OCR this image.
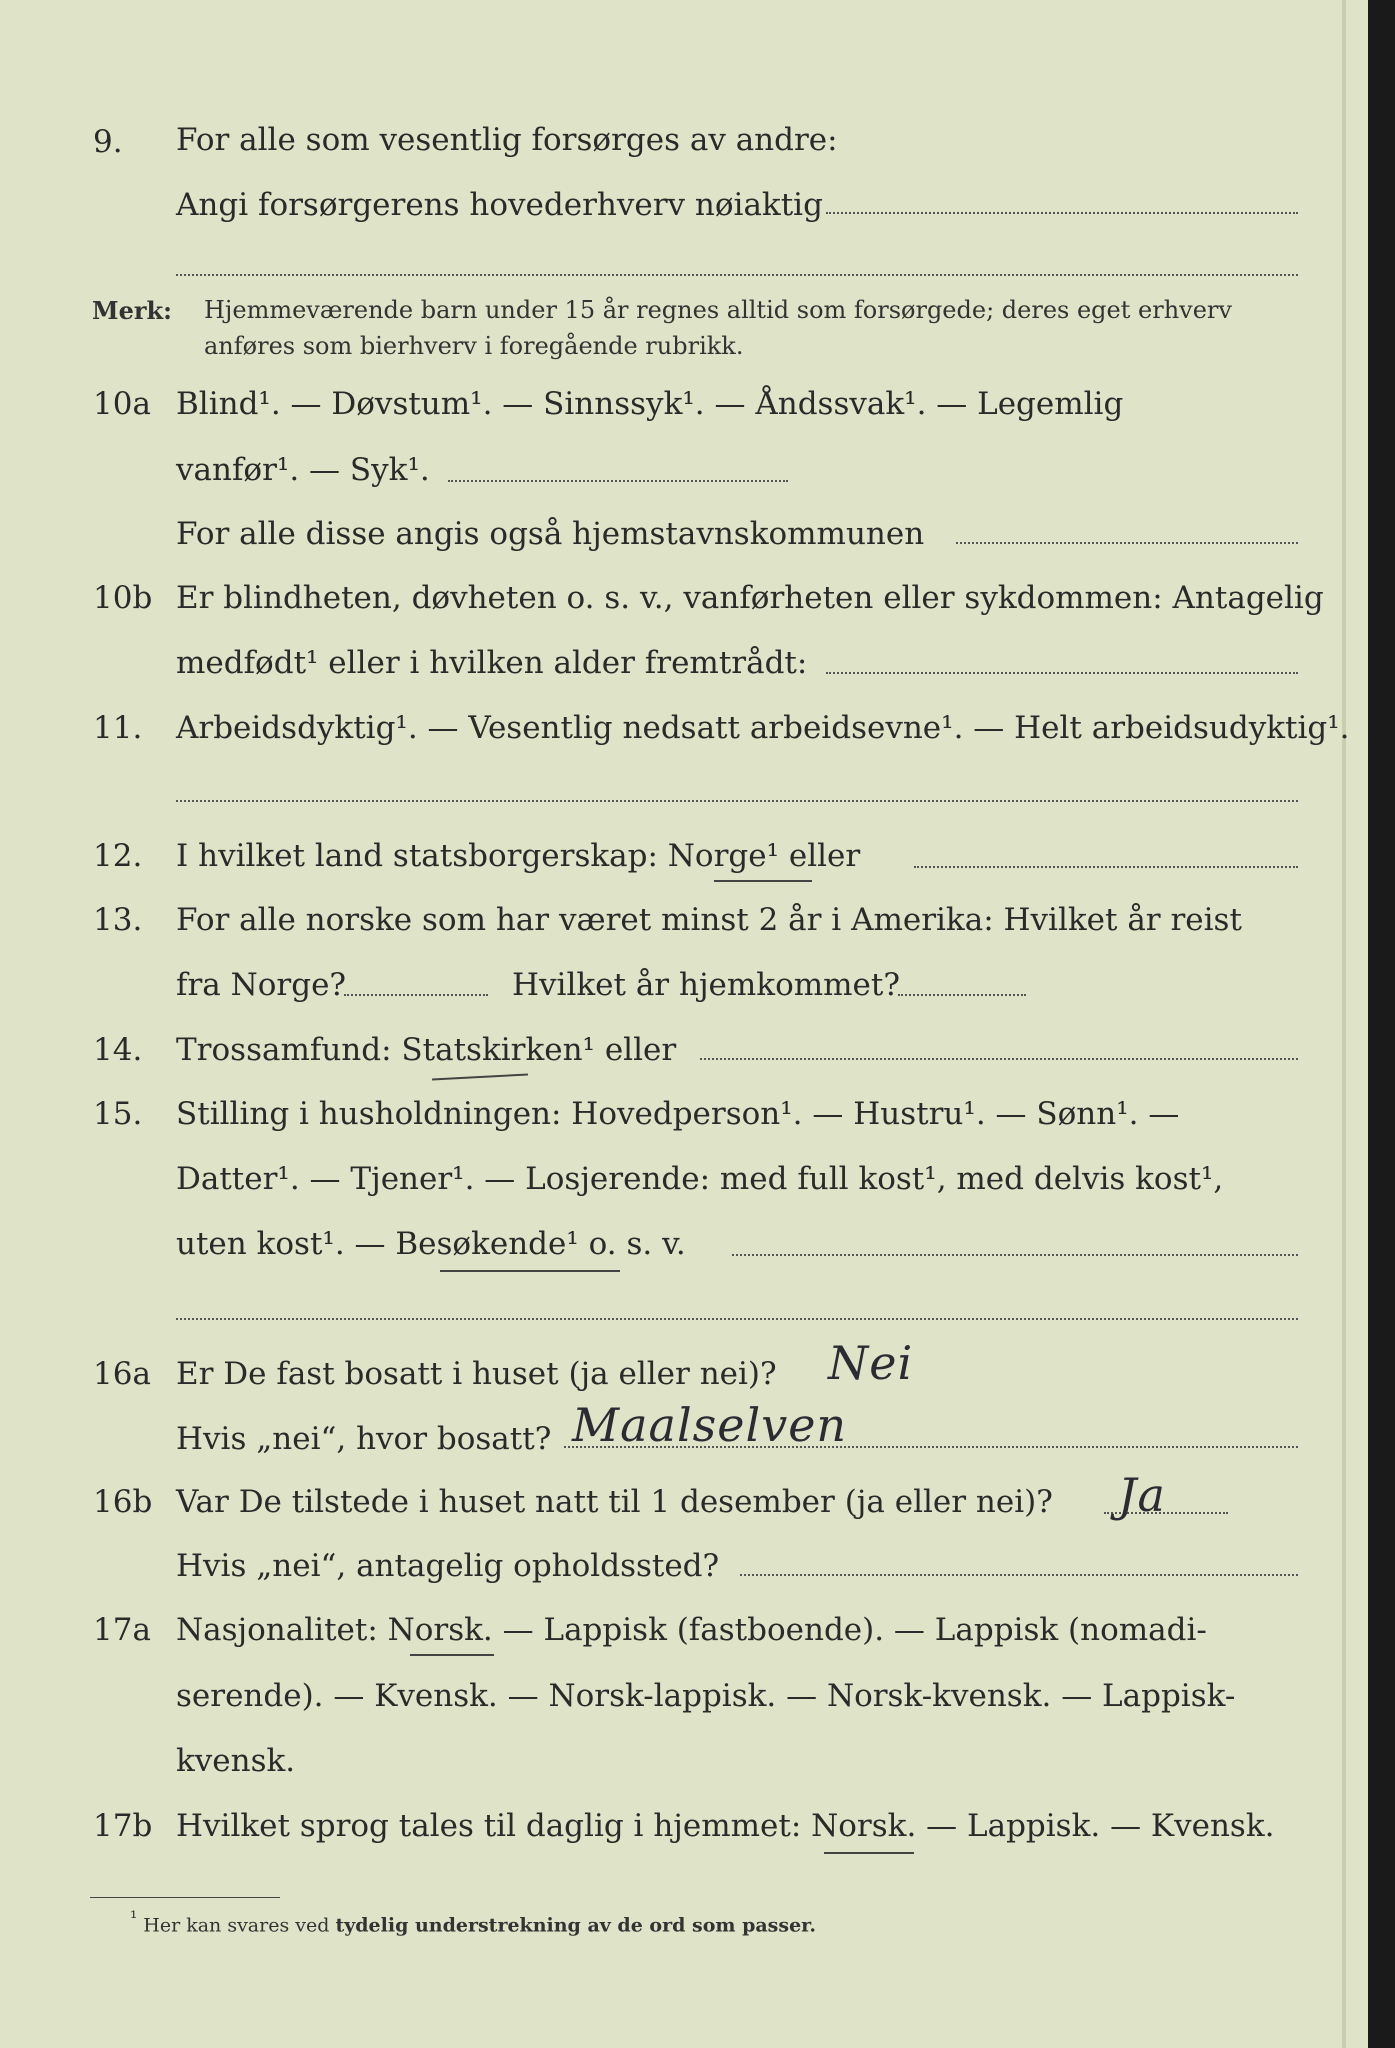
9.	For alle som vesentlig forsørges av andre:
Angi forsørgerens hovederhverv nøiaktig
Merk: Hjemmeværende barn under 15 år regnes alltid som forsørgede; deres eget erhverv
anføres som bierhverv i foregående rubrikk.
10a Blind¹. — Døvstum¹. — Sinnssyk¹. — Åndssvak¹. — Legemlig
vanfør¹. — Syk¹.
For alle disse angis også hjemstavnskommunen
10b Er blindheten, døvheten o. s. v., vanførheten eller sykdommen: Antagelig
medfødt¹ eller i hvilken alder fremtrådt:
11.	Arbeidsdyktig¹. — Vesentlig nedsatt arbeidsevne¹. — Helt arbeidsudyktig¹.
12.	I hvilket land statsborgerskap: Norge¹ eller
13.	For alle norske som har været minst 2 år i Amerika: Hvilket år reist
fra Norge?	Hvilket år hjemkommet?
14.	Trossamfund: Statskirken¹ eller
15.	Stilling i husholdningen: Hovedperson¹. — Hustru¹. — Sønn¹. —
Datter¹. — Tjener¹. — Losjerende: med full kost¹, med delvis kost¹,
uten kost¹. — Besøkende¹ o. s. v.
16a Er De fast bosatt i huset (ja eller nei)? Nei
Hvis „nei“, hvor bosatt? Maalselven
16b Var De tilstede i huset natt til 1 desember (ja eller nei)? Ja
Hvis „nei“, antagelig opholdssted?
17a Nasjonalitet: Norsk. — Lappisk (fastboende). — Lappisk (nomadi-
serende). — Kvensk. — Norsk-lappisk. — Norsk-kvensk. — Lappisk-
kvensk.
17b Hvilket sprog tales til daglig i hjemmet: Norsk. — Lappisk. — Kvensk.
¹ Her kan svares ved tydelig understrekning av de ord som passer.
